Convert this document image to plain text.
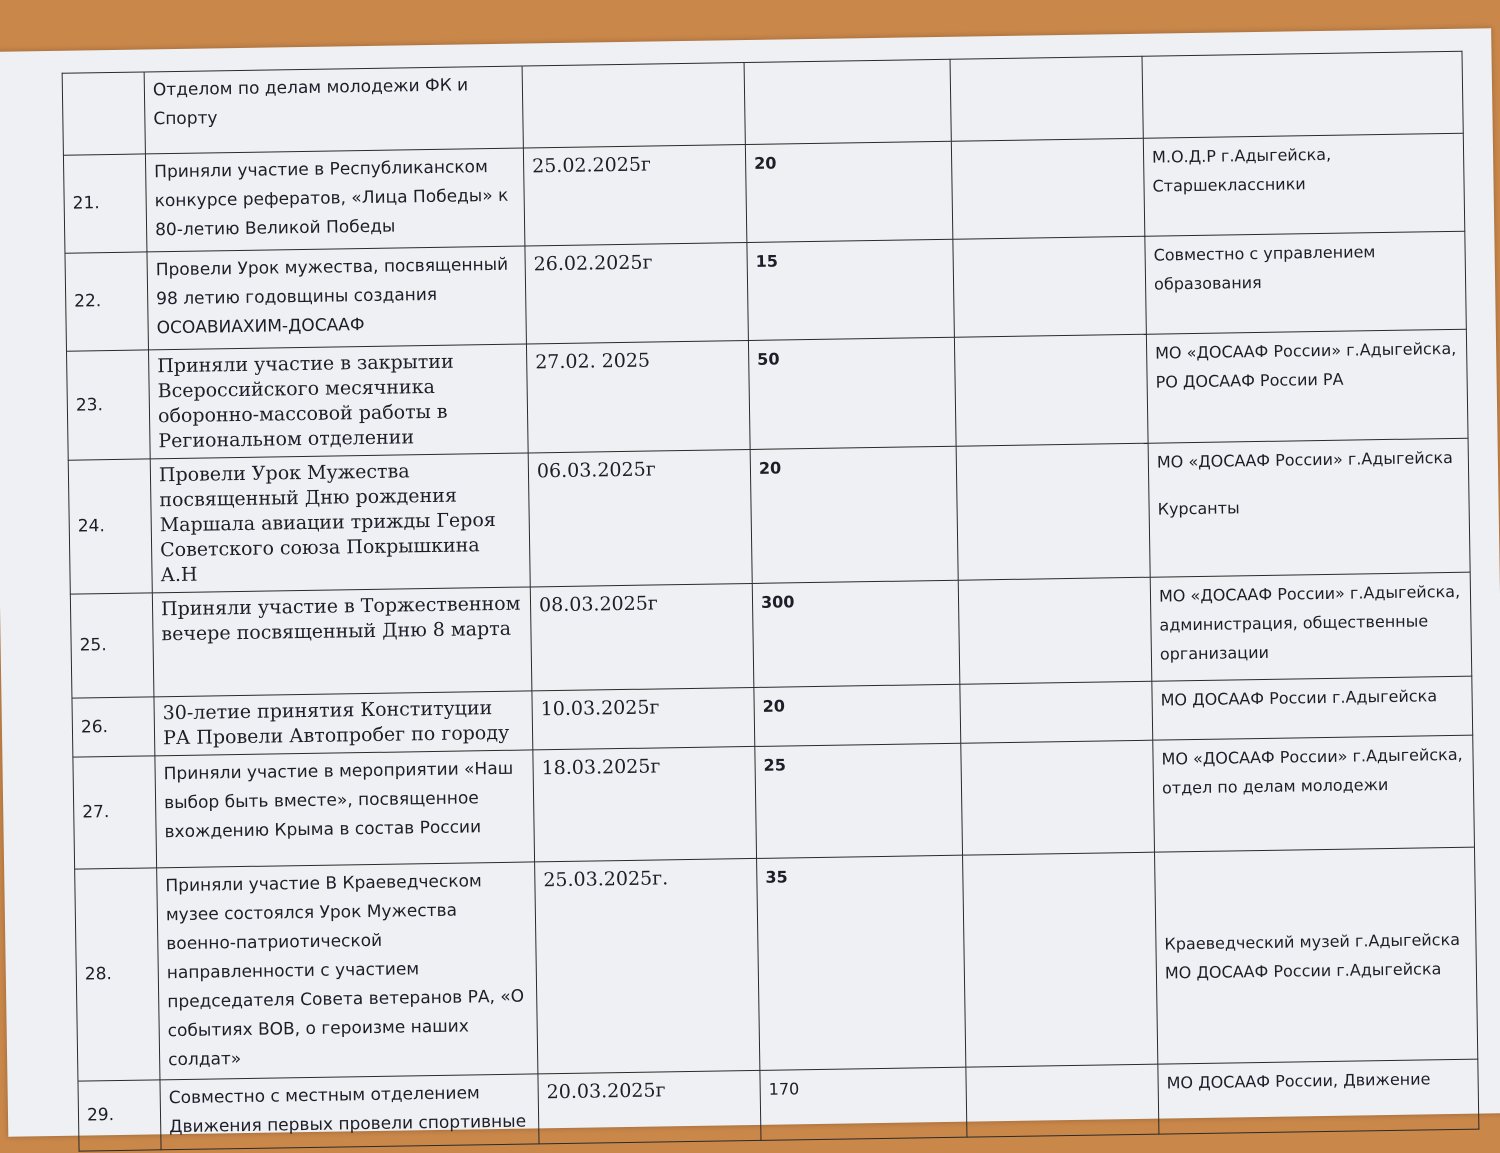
	Отделом по делам молодежи ФК и Спорту				
21.	Приняли участие в Республиканском конкурсе рефератов, «Лица Победы» к 80-летию Великой Победы	25.02.2025г	20		М.О.Д.Р г.Адыгейска, Старшеклассники
22.	Провели Урок мужества, посвященный 98 летию годовщины создания ОСОАВИАХИМ-ДОСААФ	26.02.2025г	15		Совместно с управлением образования
23.	Приняли участие в закрытии Всероссийского месячника оборонно-массовой работы в Региональном отделении	27.02. 2025	50		МО «ДОСААФ России» г.Адыгейска, РО ДОСААФ России РА
24.	Провели Урок Мужества посвященный Дню рождения Маршала авиации трижды Героя Советского союза Покрышкина А.Н	06.03.2025г	20		МО «ДОСААФ России» г.Адыгейска
Курсанты

25.	Приняли участие в Торжественном вечере посвященный Дню 8 марта	08.03.2025г	300		МО «ДОСААФ России» г.Адыгейска, администрация, общественные организации
26.	30-летие принятия Конституции РА Провели Автопробег по городу	10.03.2025г	20		МО ДОСААФ России г.Адыгейска
27.	Приняли участие в мероприятии «Наш выбор быть вместе», посвященное вхождению Крыма в состав России	18.03.2025г	25		МО «ДОСААФ России» г.Адыгейска, отдел по делам молодежи
28.	Приняли участие В Краеведческом музее состоялся Урок Мужества военно-патриотической направленности с участием председателя Совета ветеранов РА, «О событиях ВОВ, о героизме наших солдат»	25.03.2025г.	35		Краеведческий музей г.Адыгейска МО ДОСААФ России г.Адыгейска
29.	Совместно с местным отделением Движения первых провели спортивные	20.03.2025г	170		МО ДОСААФ России, Движение
